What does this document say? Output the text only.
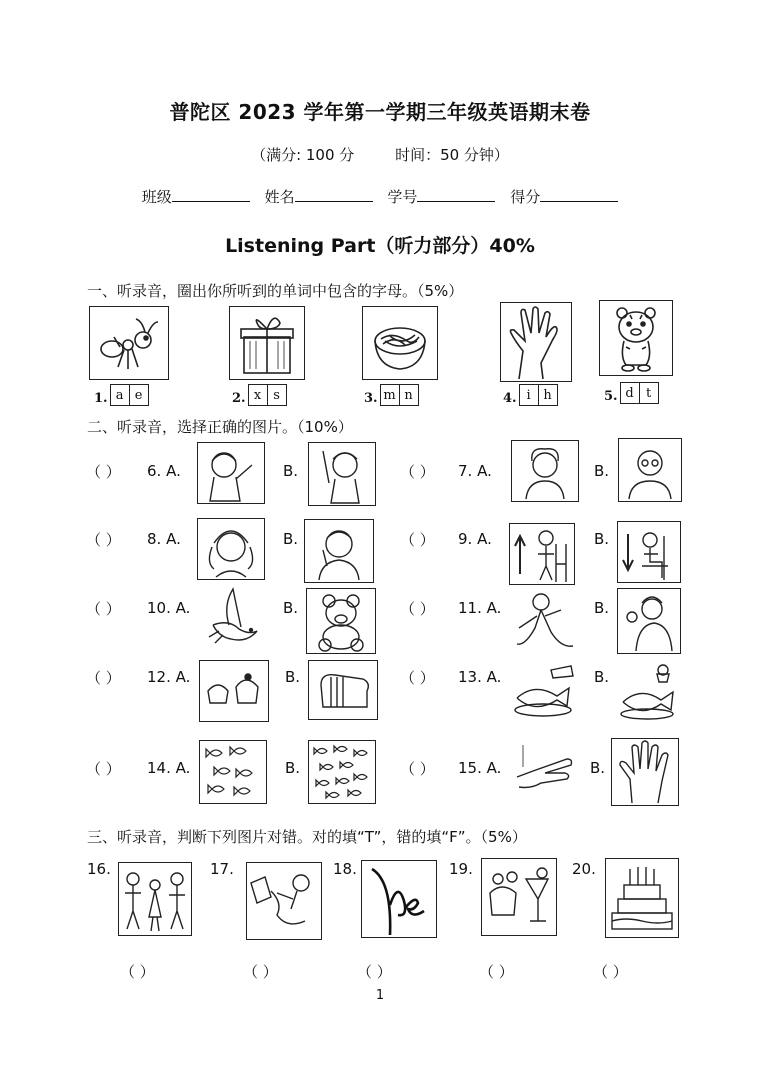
普陀区 2023 学年第一学期三年级英语期末卷
（满分: 100 分	时间：50 分钟）
班级	姓名	学号	得分
Listening Part（听力部分）40%
一、听录音，圈出你所听到的单词中包含的字母。（5%）
1. a e	2. x s	3. m n	4. i h	5. d t
二、听录音，选择正确的图片。（10%）
（ ） 6. A.	B.	（ ） 7. A.	B.
（ ） 8. A.	B.	（ ） 9. A.	B.
（ ） 10. A.	B.	（ ） 11. A.	B.
（ ） 12. A.	B.	（ ） 13. A.	B.
（ ） 14. A.	B.	（ ） 15. A.	B.
三、听录音，判断下列图片对错。对的填“T”，错的填“F”。（5%）
16.	17.	18.	19.	20.
（ ）	（ ）	（ ）	（ ）	（ ）
1
